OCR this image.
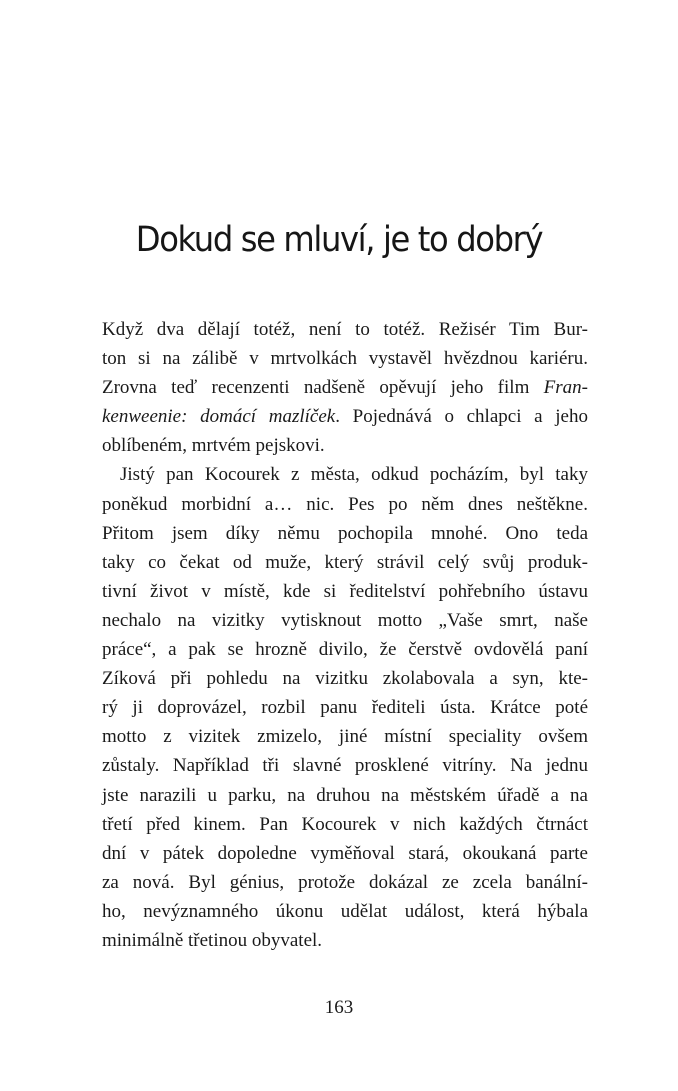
Dokud se mluví, je to dobrý
Když dva dělají totéž, není to totéž. Režisér Tim Bur-
ton si na zálibě v mrtvolkách vystavěl hvězdnou kariéru.
Zrovna teď recenzenti nadšeně opěvují jeho film Fran-
kenweenie: domácí mazlíček. Pojednává o chlapci a jeho
oblíbeném, mrtvém pejskovi.
Jistý pan Kocourek z města, odkud pocházím, byl taky
poněkud morbidní a… nic. Pes po něm dnes neštěkne.
Přitom jsem díky němu pochopila mnohé. Ono teda
taky co čekat od muže, který strávil celý svůj produk-
tivní život v místě, kde si ředitelství pohřebního ústavu
nechalo na vizitky vytisknout motto „Vaše smrt, naše
práce“, a pak se hrozně divilo, že čerstvě ovdovělá paní
Zíková při pohledu na vizitku zkolabovala a syn, kte-
rý ji doprovázel, rozbil panu řediteli ústa. Krátce poté
motto z vizitek zmizelo, jiné místní speciality ovšem
zůstaly. Například tři slavné prosklené vitríny. Na jednu
jste narazili u parku, na druhou na městském úřadě a na
třetí před kinem. Pan Kocourek v nich každých čtrnáct
dní v pátek dopoledne vyměňoval stará, okoukaná parte
za nová. Byl génius, protože dokázal ze zcela banální-
ho, nevýznamného úkonu udělat událost, která hýbala
minimálně třetinou obyvatel.
163
